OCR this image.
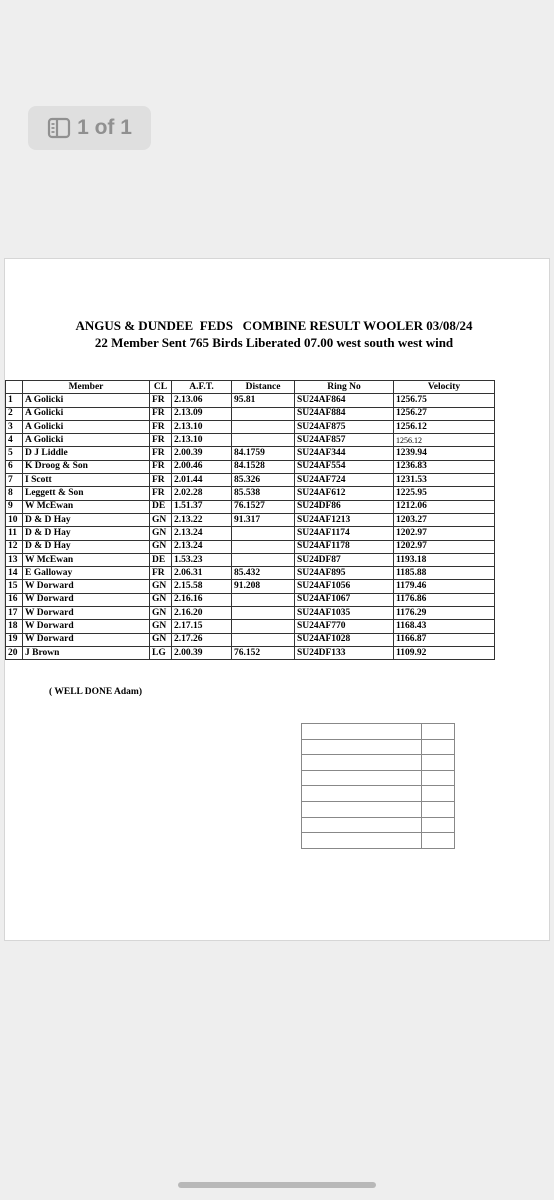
1 of 1
ANGUS & DUNDEE  FEDS   COMBINE RESULT WOOLER 03/08/24
22 Member Sent 765 Birds Liberated 07.00 west south west wind
	Member	CL	A.F.T.	Distance	Ring No	Velocity
1	A Golicki	FR	2.13.06	95.81	SU24AF864	1256.75
2	A Golicki	FR	2.13.09		SU24AF884	1256.27
3	A Golicki	FR	2.13.10		SU24AF875	1256.12
4	A Golicki	FR	2.13.10		SU24AF857	1256.12
5	D J Liddle	FR	2.00.39	84.1759	SU24AF344	1239.94
6	K Droog & Son	FR	2.00.46	84.1528	SU24AF554	1236.83
7	I Scott	FR	2.01.44	85.326	SU24AF724	1231.53
8	Leggett & Son	FR	2.02.28	85.538	SU24AF612	1225.95
9	W McEwan	DE	1.51.37	76.1527	SU24DF86	1212.06
10	D & D Hay	GN	2.13.22	91.317	SU24AF1213	1203.27
11	D & D Hay	GN	2.13.24		SU24AF1174	1202.97
12	D & D Hay	GN	2.13.24		SU24AF1178	1202.97
13	W McEwan	DE	1.53.23		SU24DF87	1193.18
14	E Galloway	FR	2.06.31	85.432	SU24AF895	1185.88
15	W Dorward	GN	2.15.58	91.208	SU24AF1056	1179.46
16	W Dorward	GN	2.16.16		SU24AF1067	1176.86
17	W Dorward	GN	2.16.20		SU24AF1035	1176.29
18	W Dorward	GN	2.17.15		SU24AF770	1168.43
19	W Dorward	GN	2.17.26		SU24AF1028	1166.87
20	J Brown	LG	2.00.39	76.152	SU24DF133	1109.92
( WELL DONE Adam)
